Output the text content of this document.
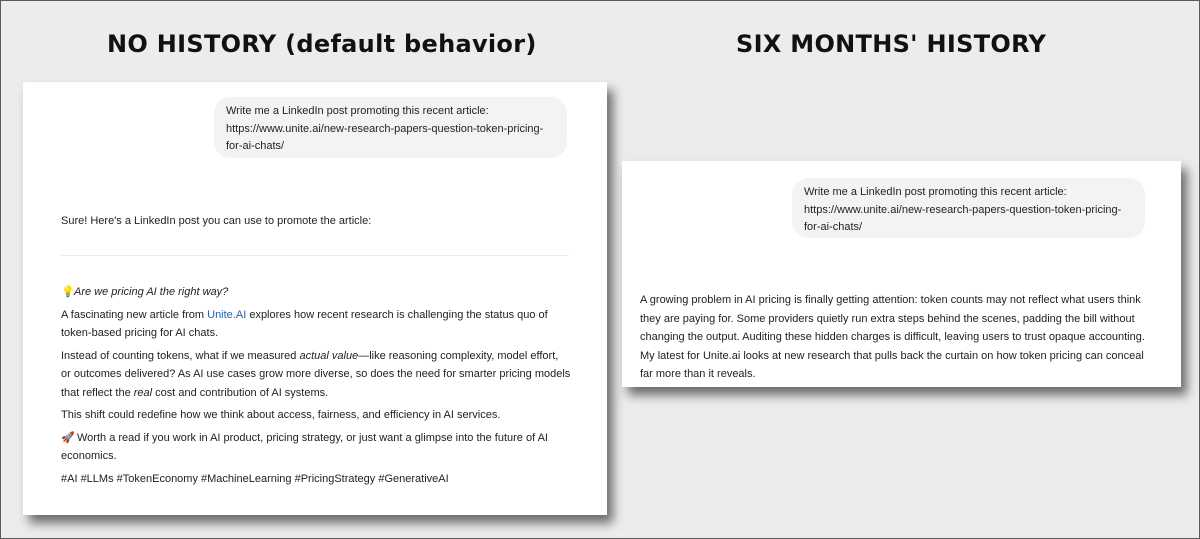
NO HISTORY (default behavior)	SIX MONTHS' HISTORY
Write me a LinkedIn post promoting this recent article: https://www.unite.ai/new-research-papers-question-token-pricing-for-ai-chats/
Sure! Here's a LinkedIn post you can use to promote the article:

💡Are we pricing AI the right way?

A fascinating new article from Unite.AI explores how recent research is challenging the status quo of token-based pricing for AI chats.

Instead of counting tokens, what if we measured actual value—like reasoning complexity, model effort, or outcomes delivered? As AI use cases grow more diverse, so does the need for smarter pricing models that reflect the real cost and contribution of AI systems.

This shift could redefine how we think about access, fairness, and efficiency in AI services.

🚀 Worth a read if you work in AI product, pricing strategy, or just want a glimpse into the future of AI economics.

#AI #LLMs #TokenEconomy #MachineLearning #PricingStrategy #GenerativeAI

Write me a LinkedIn post promoting this recent article: https://www.unite.ai/new-research-papers-question-token-pricing-for-ai-chats/
A growing problem in AI pricing is finally getting attention: token counts may not reflect what users think they are paying for. Some providers quietly run extra steps behind the scenes, padding the bill without changing the output. Auditing these hidden charges is difficult, leaving users to trust opaque accounting. My latest for Unite.ai looks at new research that pulls back the curtain on how token pricing can conceal far more than it reveals.
